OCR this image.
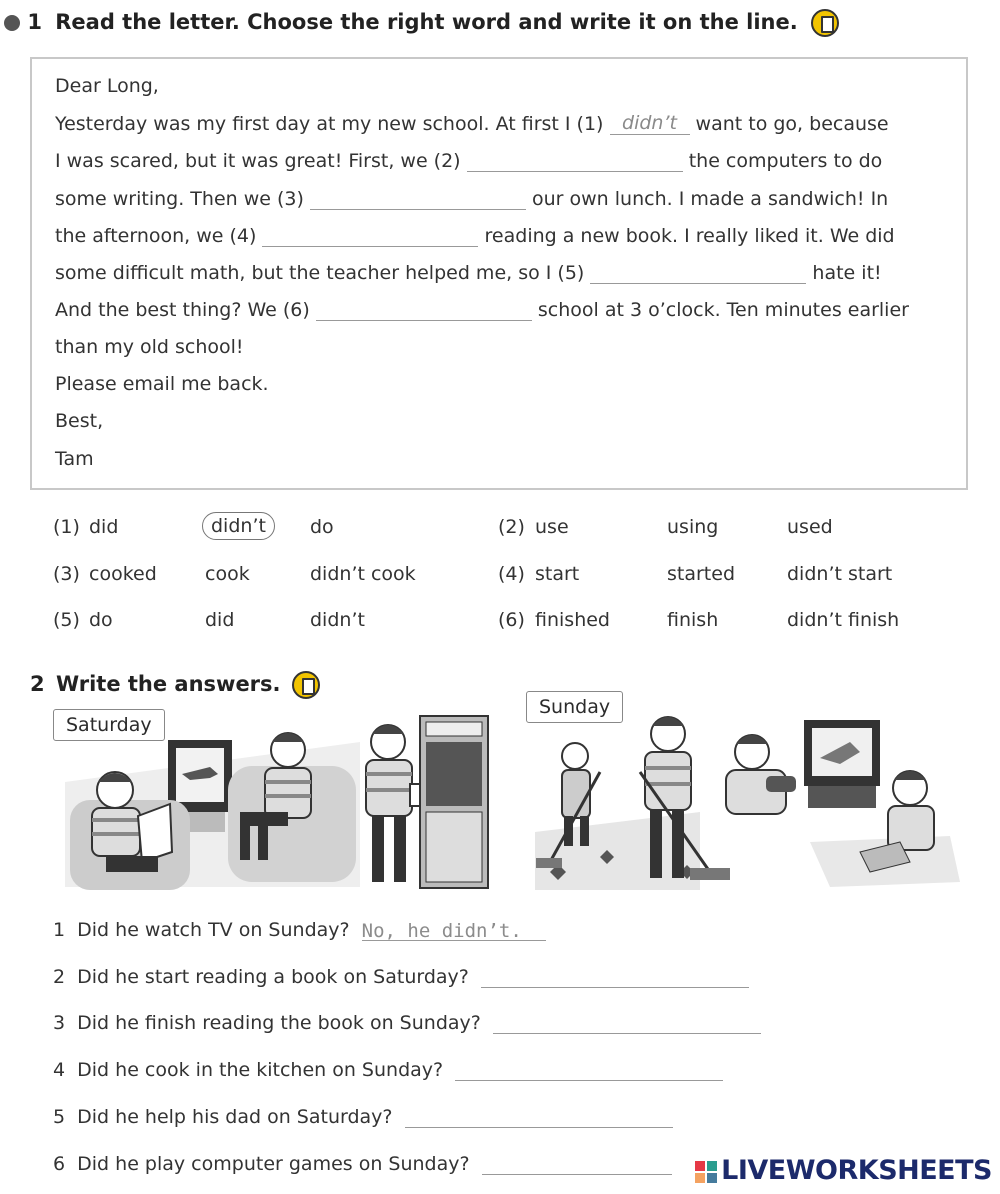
1 Read the letter. Choose the right word and write it on the line.
Dear Long,
Yesterday was my first day at my new school. At first I (1) didn’t want to go, because
I was scared, but it was great! First, we (2)	the computers to do
some writing. Then we (3)	our own lunch. I made a sandwich! In
the afternoon, we (4)	reading a new book. I really liked it. We did
some difficult math, but the teacher helped me, so I (5)	hate it!
And the best thing? We (6)	school at 3 o’clock. Ten minutes earlier
than my old school!
Please email me back.
Best,
Tam
(1) did	didn’t	do	(2) use	using	used
(3) cooked	cook	didn’t cook	(4) start	started	didn’t start
(5) do	did	didn’t	(6) finished	finish	didn’t finish
2 Write the answers.
Saturday
Sunday
1 Did he watch TV on Sunday? No, he didn’t.
2 Did he start reading a book on Saturday?
3 Did he finish reading the book on Sunday?
4 Did he cook in the kitchen on Sunday?
5 Did he help his dad on Saturday?
6 Did he play computer games on Sunday?	LIVEWORKSHEETS
